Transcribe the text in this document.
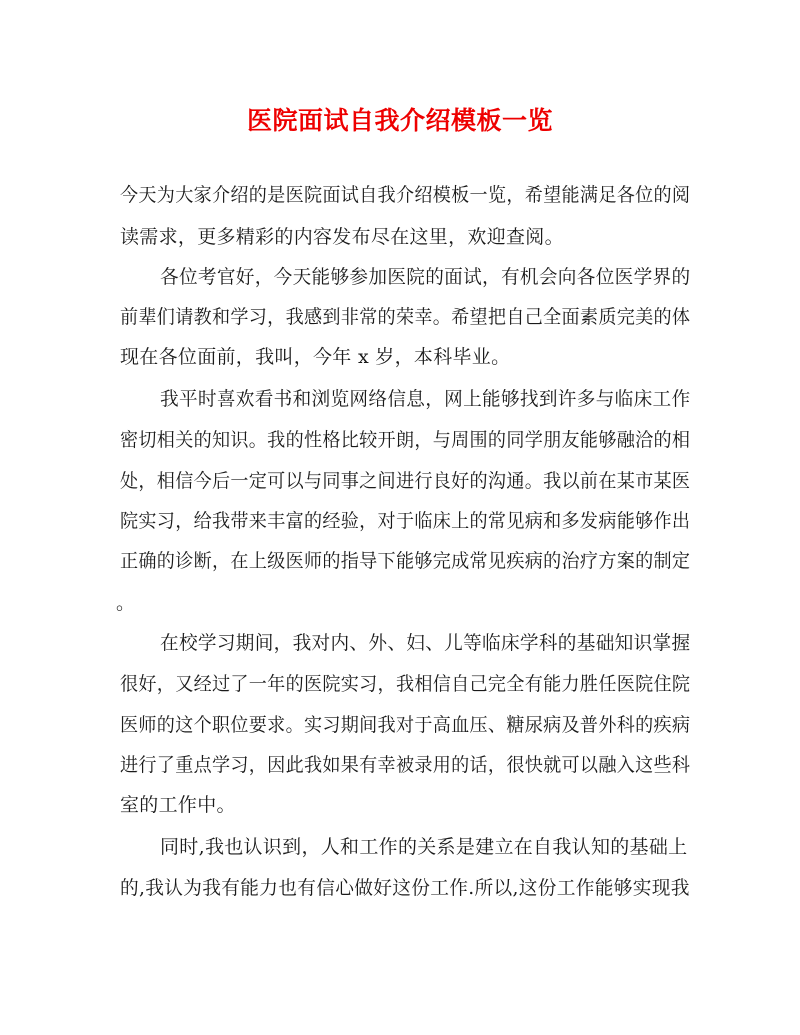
医院面试自我介绍模板一览
今天为大家介绍的是医院面试自我介绍模板一览，希望能满足各位的阅
读需求，更多精彩的内容发布尽在这里，欢迎查阅。
各位考官好，今天能够参加医院的面试，有机会向各位医学界的
前辈们请教和学习，我感到非常的荣幸。希望把自己全面素质完美的体
现在各位面前，我叫，今年 x 岁，本科毕业。
我平时喜欢看书和浏览网络信息，网上能够找到许多与临床工作
密切相关的知识。我的性格比较开朗，与周围的同学朋友能够融洽的相
处，相信今后一定可以与同事之间进行良好的沟通。我以前在某市某医
院实习，给我带来丰富的经验，对于临床上的常见病和多发病能够作出
正确的诊断，在上级医师的指导下能够完成常见疾病的治疗方案的制定
。
在校学习期间，我对内、外、妇、儿等临床学科的基础知识掌握
很好，又经过了一年的医院实习，我相信自己完全有能力胜任医院住院
医师的这个职位要求。实习期间我对于高血压、糖尿病及普外科的疾病
进行了重点学习，因此我如果有幸被录用的话，很快就可以融入这些科
室的工作中。
同时,我也认识到，人和工作的关系是建立在自我认知的基础上
的,我认为我有能力也有信心做好这份工作.所以,这份工作能够实现我
